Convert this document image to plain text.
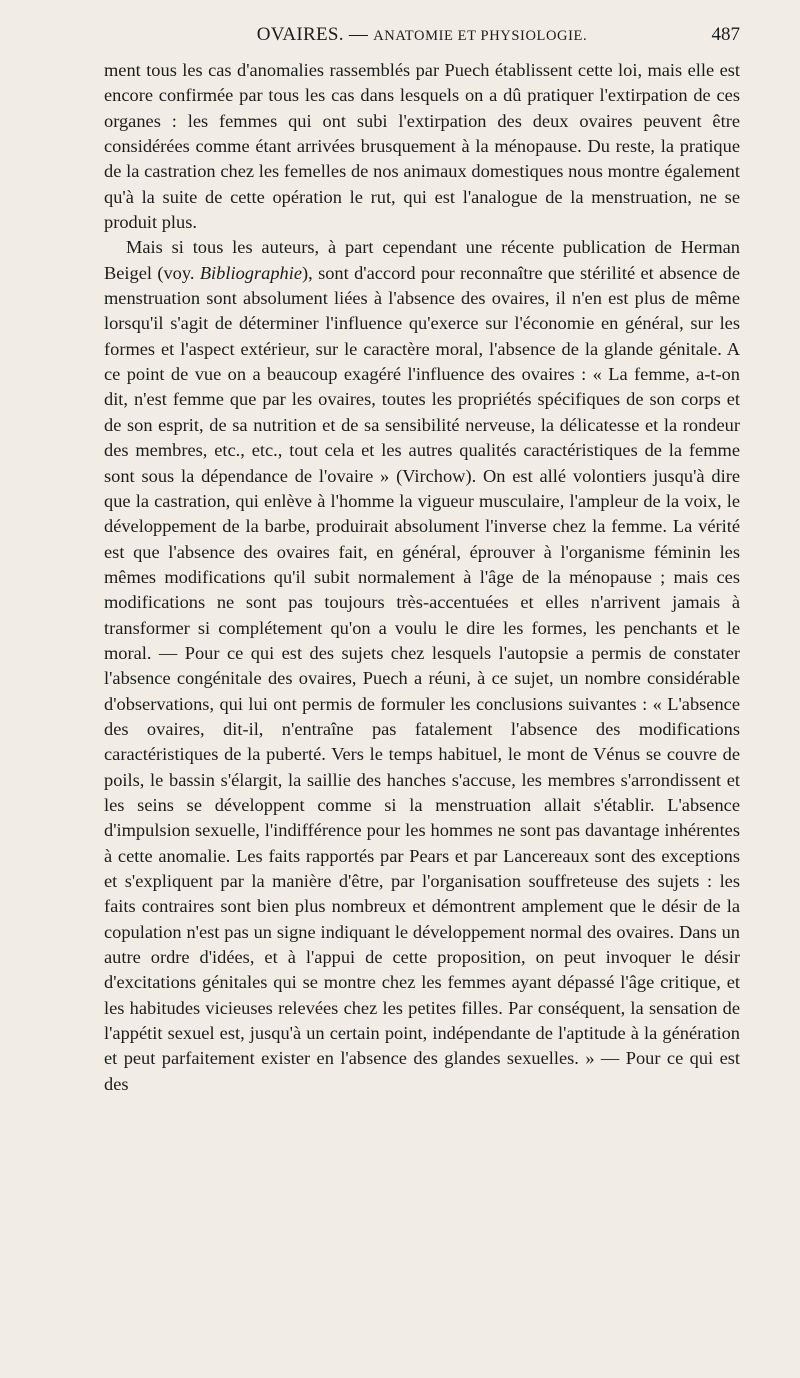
OVAIRES. — ANATOMIE ET PHYSIOLOGIE.	487

ment tous les cas d'anomalies rassemblés par Puech établissent cette loi, mais elle est encore confirmée par tous les cas dans lesquels on a dû pratiquer l'extirpation de ces organes : les femmes qui ont subi l'extirpation des deux ovaires peuvent être considérées comme étant arrivées brusquement à la ménopause. Du reste, la pratique de la castration chez les femelles de nos animaux domestiques nous montre également qu'à la suite de cette opération le rut, qui est l'analogue de la menstruation, ne se produit plus.

Mais si tous les auteurs, à part cependant une récente publication de Herman Beigel (voy. Bibliographie), sont d'accord pour reconnaître que stérilité et absence de menstruation sont absolument liées à l'absence des ovaires, il n'en est plus de même lorsqu'il s'agit de déterminer l'influence qu'exerce sur l'économie en général, sur les formes et l'aspect extérieur, sur le caractère moral, l'absence de la glande génitale. A ce point de vue on a beaucoup exagéré l'influence des ovaires : « La femme, a-t-on dit, n'est femme que par les ovaires, toutes les propriétés spécifiques de son corps et de son esprit, de sa nutrition et de sa sensibilité nerveuse, la délicatesse et la rondeur des membres, etc., etc., tout cela et les autres qualités caractéristiques de la femme sont sous la dépendance de l'ovaire » (Virchow). On est allé volontiers jusqu'à dire que la castration, qui enlève à l'homme la vigueur musculaire, l'ampleur de la voix, le développement de la barbe, produirait absolument l'inverse chez la femme. La vérité est que l'absence des ovaires fait, en général, éprouver à l'organisme féminin les mêmes modifications qu'il subit normalement à l'âge de la ménopause ; mais ces modifications ne sont pas toujours très-accentuées et elles n'arrivent jamais à transformer si complétement qu'on a voulu le dire les formes, les penchants et le moral. — Pour ce qui est des sujets chez lesquels l'autopsie a permis de constater l'absence congénitale des ovaires, Puech a réuni, à ce sujet, un nombre considérable d'observations, qui lui ont permis de formuler les conclusions suivantes : « L'absence des ovaires, dit-il, n'entraîne pas fatalement l'absence des modifications caractéristiques de la puberté. Vers le temps habituel, le mont de Vénus se couvre de poils, le bassin s'élargit, la saillie des hanches s'accuse, les membres s'arrondissent et les seins se développent comme si la menstruation allait s'établir. L'absence d'impulsion sexuelle, l'indifférence pour les hommes ne sont pas davantage inhérentes à cette anomalie. Les faits rapportés par Pears et par Lancereaux sont des exceptions et s'expliquent par la manière d'être, par l'organisation souffreteuse des sujets : les faits contraires sont bien plus nombreux et démontrent amplement que le désir de la copulation n'est pas un signe indiquant le développement normal des ovaires. Dans un autre ordre d'idées, et à l'appui de cette proposition, on peut invoquer le désir d'excitations génitales qui se montre chez les femmes ayant dépassé l'âge critique, et les habitudes vicieuses relevées chez les petites filles. Par conséquent, la sensation de l'appétit sexuel est, jusqu'à un certain point, indépendante de l'aptitude à la génération et peut parfaitement exister en l'absence des glandes sexuelles. » — Pour ce qui est des
